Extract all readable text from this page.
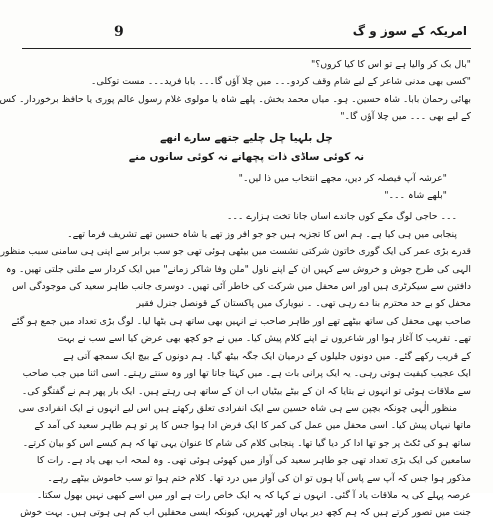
9	امریکہ کے سوز و گ
"بال بک کر والیا ہے تو اس کا کیا کروں؟"
"کسی بھی مدنی شاعر کے لیے شام وقف کردو۔۔۔ میں چلا آؤں گا۔۔۔ بابا فرید۔۔۔ مست توکلی۔
بھائی رحمان بابا۔ شاہ حسین۔ ہو۔ میاں محمد بخش۔ پلھے شاہ یا مولوی غلام رسول عالم پوری یا حافظ برخوردار۔ کس
کے لیے بھی ۔۔۔ میں چلا آؤں گا۔"
چل بلہیا چل چلیے جتھے سارے انھے
نہ کوئی ساڈی ذات پچھانے نہ کوئی سانوں منے
"عرشہ آپ فیصلہ کر دیں، مجھے انتخاب میں ذا لیں۔"
"بلھے شاہ ۔۔۔"
۔۔۔ حاجی لوگ مکے کوں جاندے اساں جانا تخت ہزارے ۔۔۔
پنجابی میں ہی کیا ہے۔ ہم اس کا تجزیہ ہیں جو جو افر وز تھے یا شاہ حسین تھے تشریف فرما تھے۔
قدرے بڑی عمر کی ایک گوری خاتون شرکتی نشست میں بیٹھی ہوئی تھی جو سب برابر سے اپنی ہی سامنی سبب منظور
الہی کی طرح جوش و خروش سے کہیں ان کے اپنے ناول "ملن وفا شاکر زمانے" میں ایک کردار سے ملتی جلتی تھیں۔ وہ
دافتین سے سیکرٹری ہیں اور اس محفل میں شرکت کی خاطر آئی تھیں۔ دوسری جانب طاہر سعید کی موجودگی اس
محفل کو بے حد محترم بنا دے رہی تھی۔ ۔ نیویارک میں پاکستان کے قونصل جنرل فقیر
صاحب بھی محفل کی ساتھ بیٹھے تھے اور طاہر صاحب نے انہیں بھی ساتھ ہی بٹھا لیا۔ لوگ بڑی تعداد میں جمع ہو گئے
تھے۔ تقریب کا آغاز ہوا اور شاعروں نے اپنے کلام پیش کیا۔ میں نے جو کچھ بھی عرض کیا اسے سب نے بہت
کے قریب رکھے گئے۔ میں دونوں جلیلوں کے درمیان ایک جگہ بیٹھ گیا۔ ہم دونوں کے بیچ ایک سمجھ آتی ہے
ایک عجیب کیفیت ہوتی رہی۔ یہ ایک پرانی بات ہے۔ میں کہتا جاتا تھا اور وہ سنتے رہتے۔ اسی اثنا میں جب صاحب
سے ملاقات ہوئی تو انہوں نے بتایا کہ ان کے بیٹے بیٹیاں اب ان کے ساتھ ہی رہتے ہیں۔ ایک بار پھر ہم نے گفتگو کی۔
منظور الٰہی چونکہ بچپن سے ہی شاہ حسین سے ایک انفرادی تعلق رکھتے ہیں اس لیے انہوں نے ایک انفرادی سی
ماتھا نیہاں پیش کیا۔ اسی محفل میں عمل کی کمر کا ایک فرض ادا ہوا جس کا پر تو ہم طاہر سعید کی آمد کے
ساتھ ہو کی ٹکٹ پر جو تھا ادا کر دیا گیا تھا۔ پنجابی کلام کی شام کا عنوان یہی تھا کہ ہم کیسے اس کو بیان کرتے۔
سامعین کی ایک بڑی تعداد تھی جو طاہر سعید کی آواز میں کھوئی ہوئی تھی۔ وہ لمحہ اب بھی یاد ہے۔ رات کا
مذکور ہوا جس کہ آپ سے پاس آیا ہوں تو ان کی آواز میں درد تھا۔ کلام ختم ہوا تو سب خاموش بیٹھے رہے۔
عرصہ پہلے کی یہ ملاقات یاد آ گئی۔ انہوں نے کہا کہ یہ ایک خاص رات ہے اور میں اسے کبھی نہیں بھول سکتا۔
جنت میں تصور کرتے ہیں کہ ہم کچھ دیر یہاں اور ٹھہریں، کیونکہ ایسی محفلیں اب کم ہی ہوتی ہیں۔ بہت خوش
